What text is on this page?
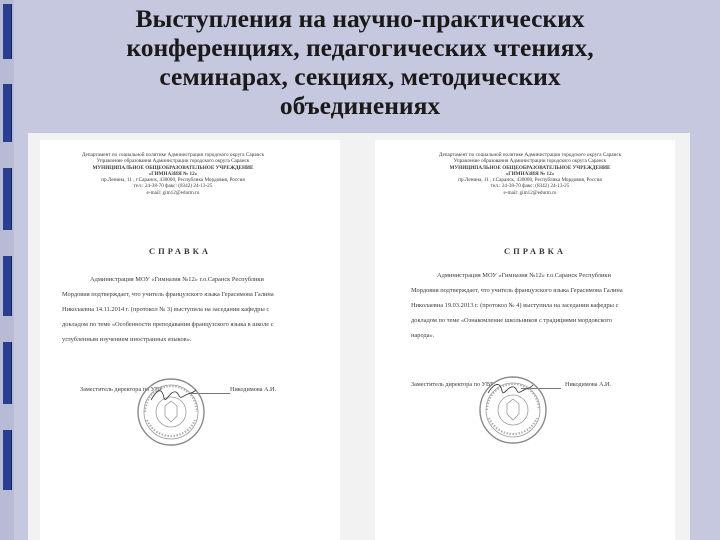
Выступления на научно-практических
конференциях, педагогических чтениях,
семинарах, секциях, методических
объединениях
Департамент по социальной политике Администрации городского округа Саранск
Управление образования Администрации городского округа Саранск
МУНИЦИПАЛЬНОЕ ОБЩЕОБРАЗОВАТЕЛЬНОЕ УЧРЕЖДЕНИЕ
«ГИМНАЗИЯ № 12»
пр.Ленина, 11 , г.Саранск, 430000, Республика Мордовия, Россия
тел.: 24-38-70 факс: (8342) 24-13-25
e-mail: gim12@edurm.ru
СПРАВКА
Администрация МОУ «Гимназия №12» г.о.Саранск Республики
Мордовия подтверждает, что учитель французского языка Герасимова Галина
Николаевна 14.11.2014 г. (протокол № 3) выступила на заседании кафедры с
докладом по теме «Особенности преподавания французского языка в школе с
углубленным изучением иностранных языков».
Заместитель директора по УВР	Никодимова А.И.
Департамент по социальной политике Администрации городского округа Саранск
Управление образования Администрации городского округа Саранск
МУНИЦИПАЛЬНОЕ ОБЩЕОБРАЗОВАТЕЛЬНОЕ УЧРЕЖДЕНИЕ
«ГИМНАЗИЯ № 12»
пр.Ленина, 11 , г.Саранск, 430000, Республика Мордовия, Россия
тел.: 24-38-70 факс: (8342) 24-13-25
e-mail: gim12@edurm.ru
СПРАВКА
Администрация МОУ «Гимназия №12» г.о.Саранск Республики
Мордовия подтверждает, что учитель французского языка Герасимова Галина
Николаевна 19.03.2013 г. (протокол № 4) выступила на заседании кафедры с
докладом по теме «Ознакомление школьников с традициями мордовского
народа».
Заместитель директора по УВР	Никодимова А.И.
